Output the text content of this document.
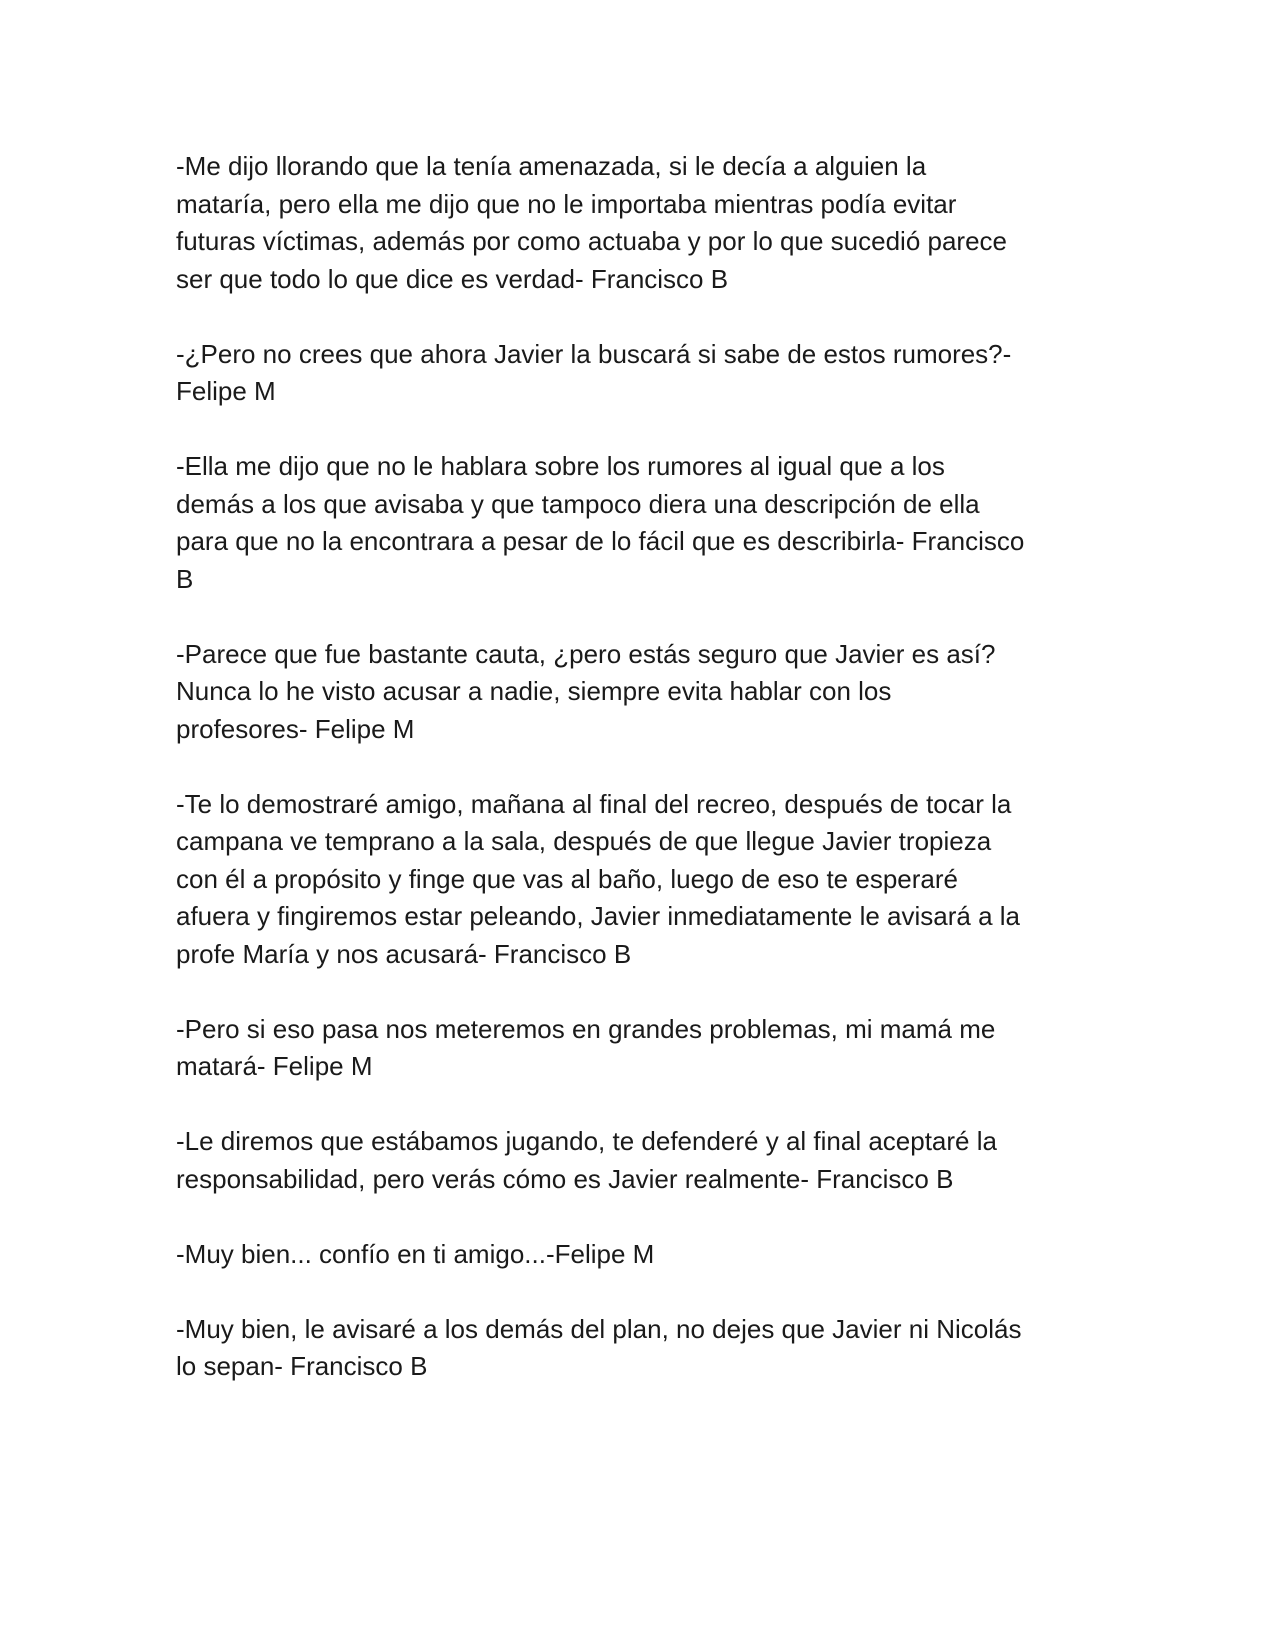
-Me dijo llorando que la tenía amenazada, si le decía a alguien la
mataría, pero ella me dijo que no le importaba mientras podía evitar
futuras víctimas, además por como actuaba y por lo que sucedió parece
ser que todo lo que dice es verdad- Francisco B

-¿Pero no crees que ahora Javier la buscará si sabe de estos rumores?-
Felipe M

-Ella me dijo que no le hablara sobre los rumores al igual que a los
demás a los que avisaba y que tampoco diera una descripción de ella
para que no la encontrara a pesar de lo fácil que es describirla- Francisco
B

-Parece que fue bastante cauta, ¿pero estás seguro que Javier es así?
Nunca lo he visto acusar a nadie, siempre evita hablar con los
profesores- Felipe M

-Te lo demostraré amigo, mañana al final del recreo, después de tocar la
campana ve temprano a la sala, después de que llegue Javier tropieza
con él a propósito y finge que vas al baño, luego de eso te esperaré
afuera y fingiremos estar peleando, Javier inmediatamente le avisará a la
profe María y nos acusará- Francisco B

-Pero si eso pasa nos meteremos en grandes problemas, mi mamá me
matará- Felipe M

-Le diremos que estábamos jugando, te defenderé y al final aceptaré la
responsabilidad, pero verás cómo es Javier realmente- Francisco B

-Muy bien... confío en ti amigo...-Felipe M

-Muy bien, le avisaré a los demás del plan, no dejes que Javier ni Nicolás
lo sepan- Francisco B
